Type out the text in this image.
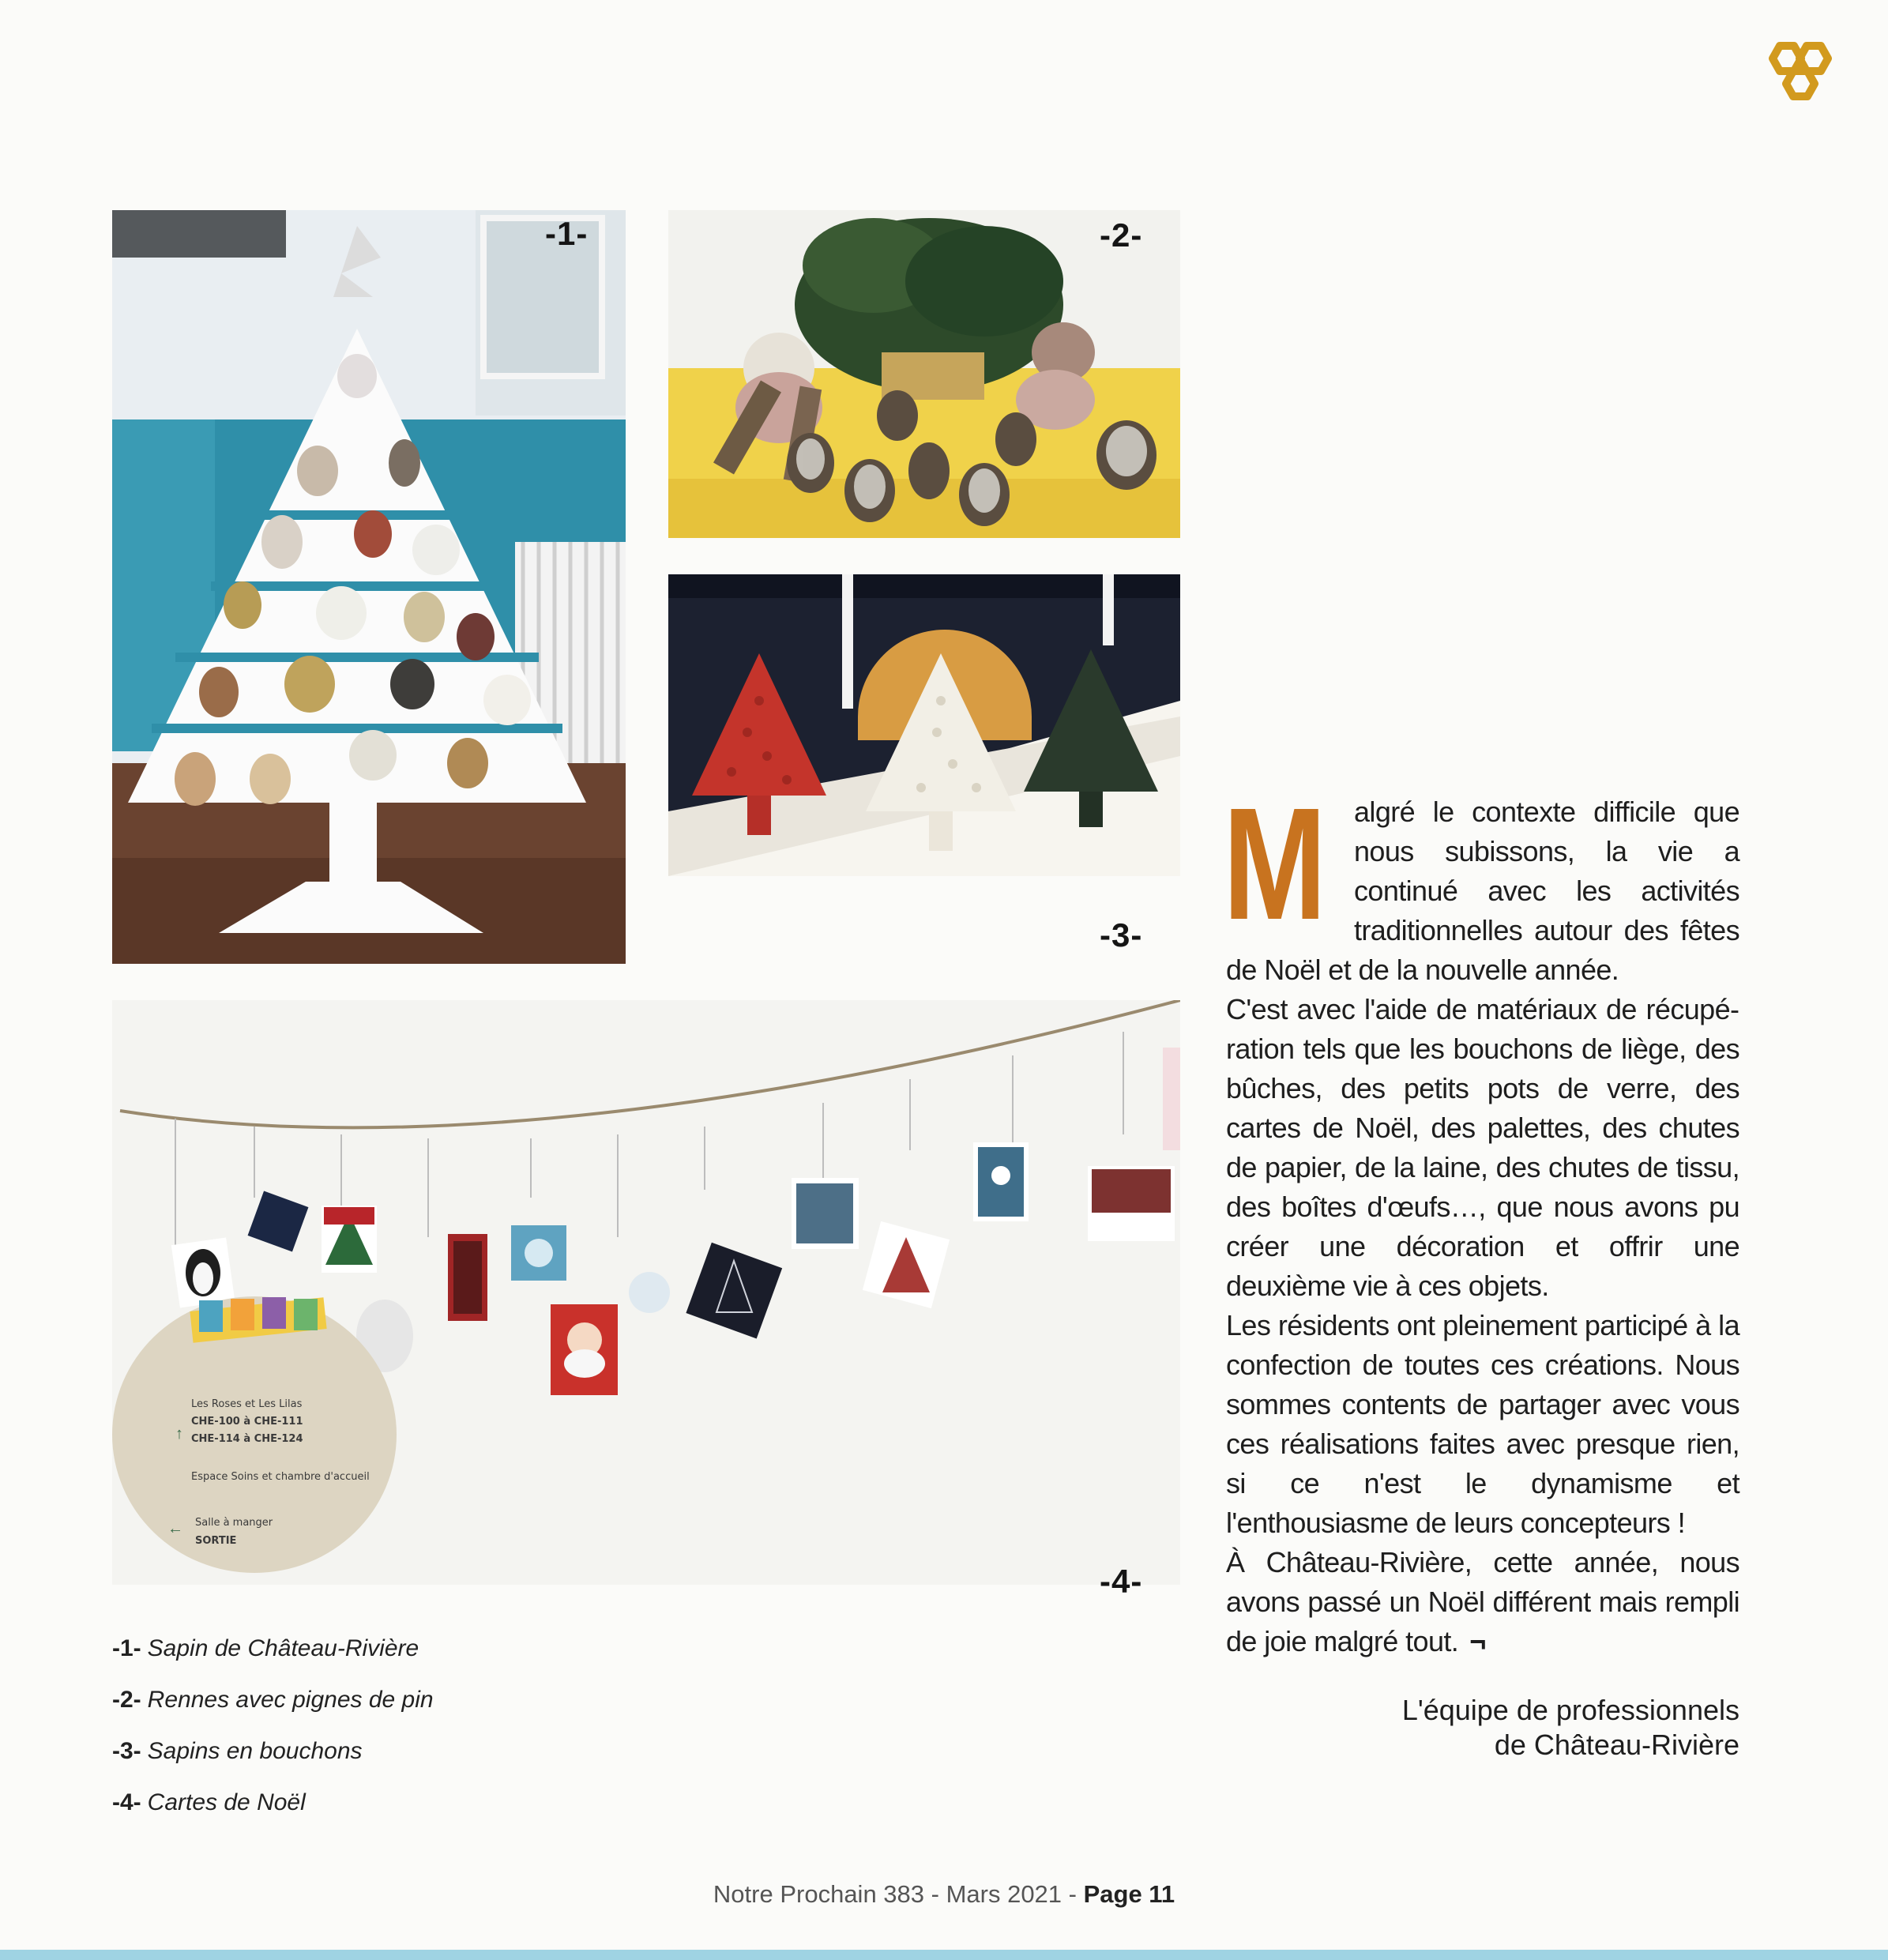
-1-	-2-
-3-
Les Roses et Les Lilas
CHE-100 à CHE-111
CHE-114 à CHE-124
Espace Soins et chambre d'accueil
Salle à manger
SORTIE
↑
←
-4-
-1- Sapin de Château-Rivière
-2- Rennes avec pignes de pin
-3- Sapins en bouchons
-4- Cartes de Noël
M algré le contexte difficile que nous subissons, la vie a continué avec les activités traditionnelles autour des fêtes de Noël et de la nouvelle année.

C'est avec l'aide de matériaux de récupération tels que les bouchons de liège, des bûches, des petits pots de verre, des cartes de Noël, des palettes, des chutes de papier, de la laine, des chutes de tissu, des boîtes d'œufs…, que nous avons pu créer une décoration et offrir une deuxième vie à ces objets.

Les résidents ont pleinement participé à la confection de toutes ces créations. Nous sommes contents de partager avec vous ces réalisations faites avec presque rien, si ce n'est le dynamisme et l'enthousiasme de leurs concepteurs !

À Château-Rivière, cette année, nous avons passé un Noël différent mais rempli de joie malgré tout. ¬

L'équipe de professionnels
de Château-Rivière
Notre Prochain 383 - Mars 2021 - Page 11
